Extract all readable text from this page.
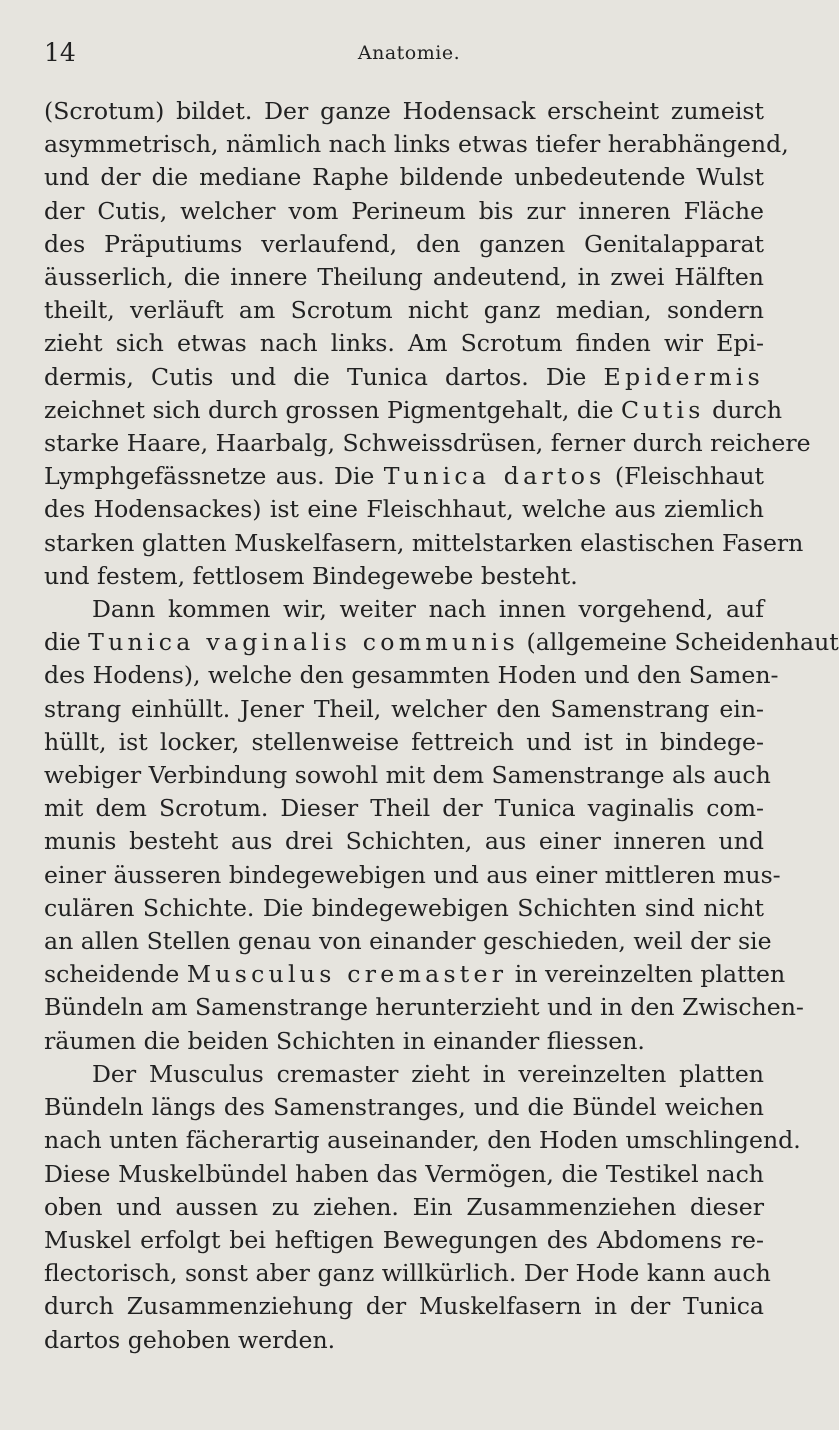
14	Anatomie.

(Scrotum) bildet. Der ganze Hodensack erscheint zumeist
asymmetrisch, nämlich nach links etwas tiefer herabhängend,
und der die mediane Raphe bildende unbedeutende Wulst
der Cutis, welcher vom Perineum bis zur inneren Fläche
des Präputiums verlaufend, den ganzen Genitalapparat
äusserlich, die innere Theilung andeutend, in zwei Hälften
theilt, verläuft am Scrotum nicht ganz median, sondern
zieht sich etwas nach links. Am Scrotum finden wir Epi-
dermis, Cutis und die Tunica dartos. Die Epidermis
zeichnet sich durch grossen Pigmentgehalt, die Cutis durch
starke Haare, Haarbalg, Schweissdrüsen, ferner durch reichere
Lymphgefässnetze aus. Die Tunica dartos (Fleischhaut
des Hodensackes) ist eine Fleischhaut, welche aus ziemlich
starken glatten Muskelfasern, mittelstarken elastischen Fasern
und festem, fettlosem Bindegewebe besteht.

Dann kommen wir, weiter nach innen vorgehend, auf
die Tunica vaginalis communis (allgemeine Scheidenhaut
des Hodens), welche den gesammten Hoden und den Samen-
strang einhüllt. Jener Theil, welcher den Samenstrang ein-
hüllt, ist locker, stellenweise fettreich und ist in bindege-
webiger Verbindung sowohl mit dem Samenstrange als auch
mit dem Scrotum. Dieser Theil der Tunica vaginalis com-
munis besteht aus drei Schichten, aus einer inneren und
einer äusseren bindegewebigen und aus einer mittleren mus-
culären Schichte. Die bindegewebigen Schichten sind nicht
an allen Stellen genau von einander geschieden, weil der sie
scheidende Musculus cremaster in vereinzelten platten
Bündeln am Samenstrange herunterzieht und in den Zwischen-
räumen die beiden Schichten in einander fliessen.

Der Musculus cremaster zieht in vereinzelten platten
Bündeln längs des Samenstranges, und die Bündel weichen
nach unten fächerartig auseinander, den Hoden umschlingend.
Diese Muskelbündel haben das Vermögen, die Testikel nach
oben und aussen zu ziehen. Ein Zusammenziehen dieser
Muskel erfolgt bei heftigen Bewegungen des Abdomens re-
flectorisch, sonst aber ganz willkürlich. Der Hode kann auch
durch Zusammenziehung der Muskelfasern in der Tunica
dartos gehoben werden.
